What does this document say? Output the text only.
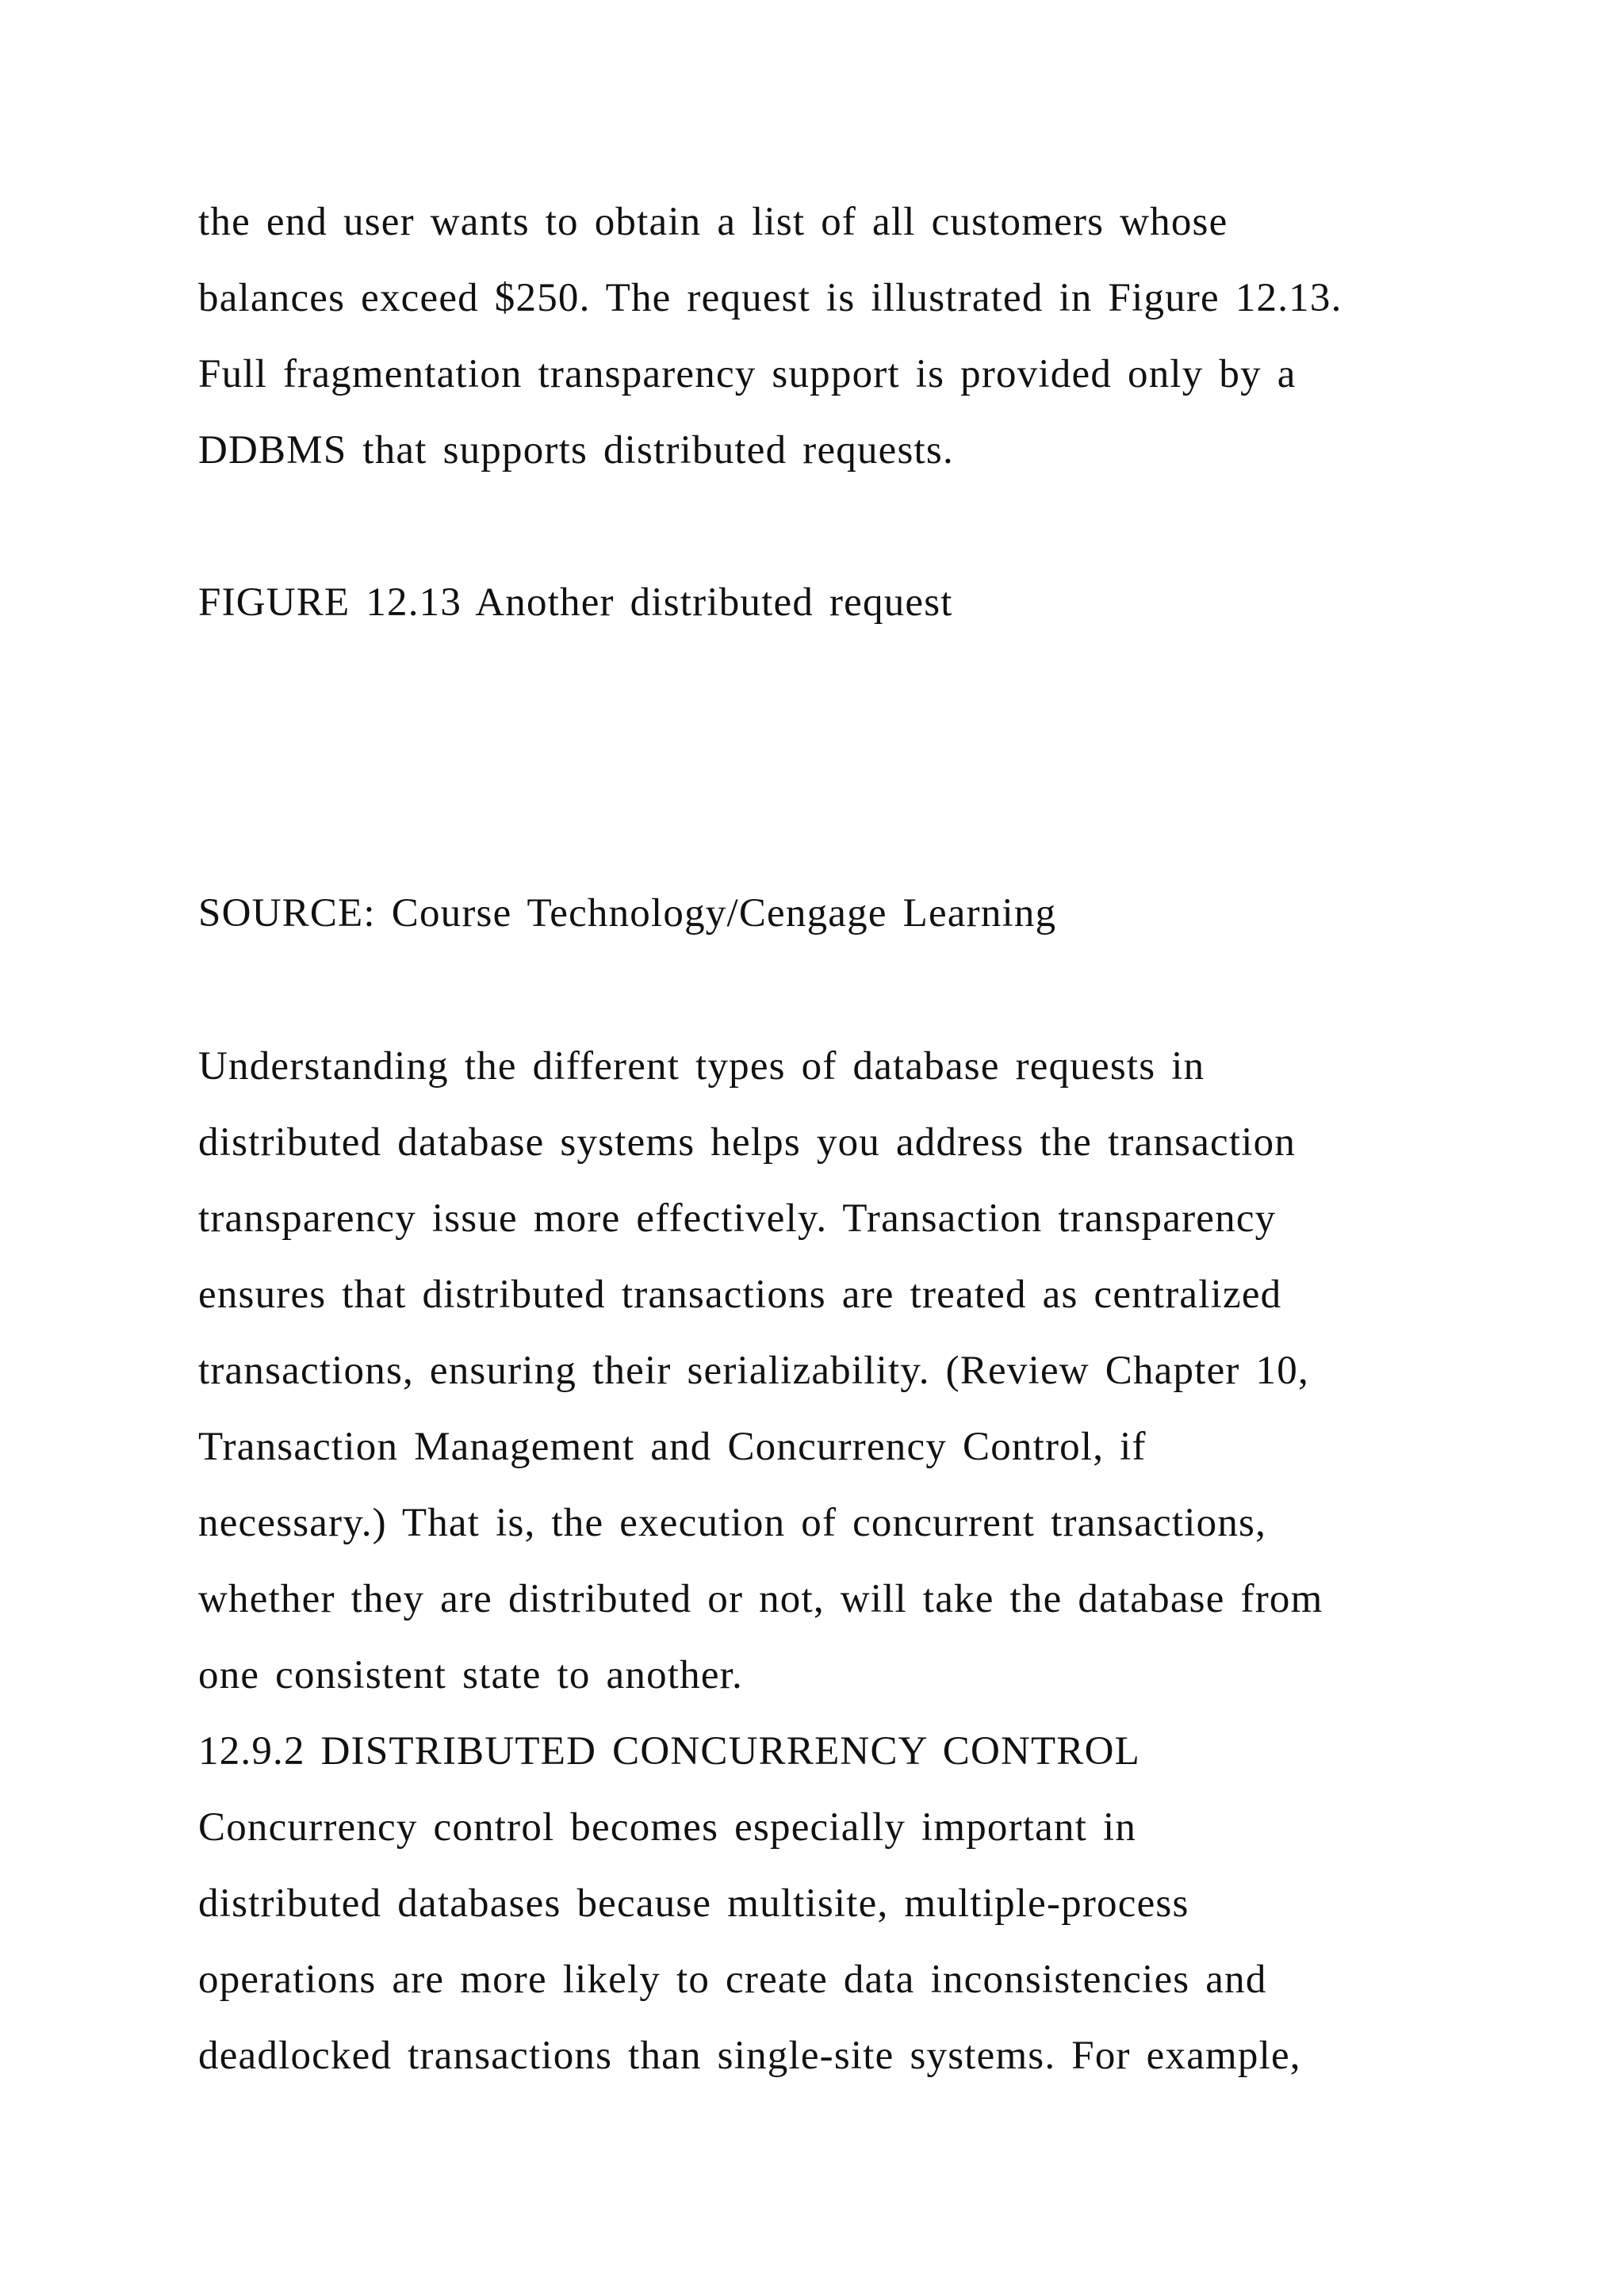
the end user wants to obtain a list of all customers whose

balances exceed $250. The request is illustrated in Figure 12.13.

Full fragmentation transparency support is provided only by a

DDBMS that supports distributed requests.

FIGURE 12.13 Another distributed request

SOURCE: Course Technology/Cengage Learning

Understanding the different types of database requests in

distributed database systems helps you address the transaction

transparency issue more effectively. Transaction transparency

ensures that distributed transactions are treated as centralized

transactions, ensuring their serializability. (Review Chapter 10,

Transaction Management and Concurrency Control, if

necessary.) That is, the execution of concurrent transactions,

whether they are distributed or not, will take the database from

one consistent state to another.

12.9.2 DISTRIBUTED CONCURRENCY CONTROL

Concurrency control becomes especially important in

distributed databases because multisite, multiple-process

operations are more likely to create data inconsistencies and

deadlocked transactions than single-site systems. For example,
